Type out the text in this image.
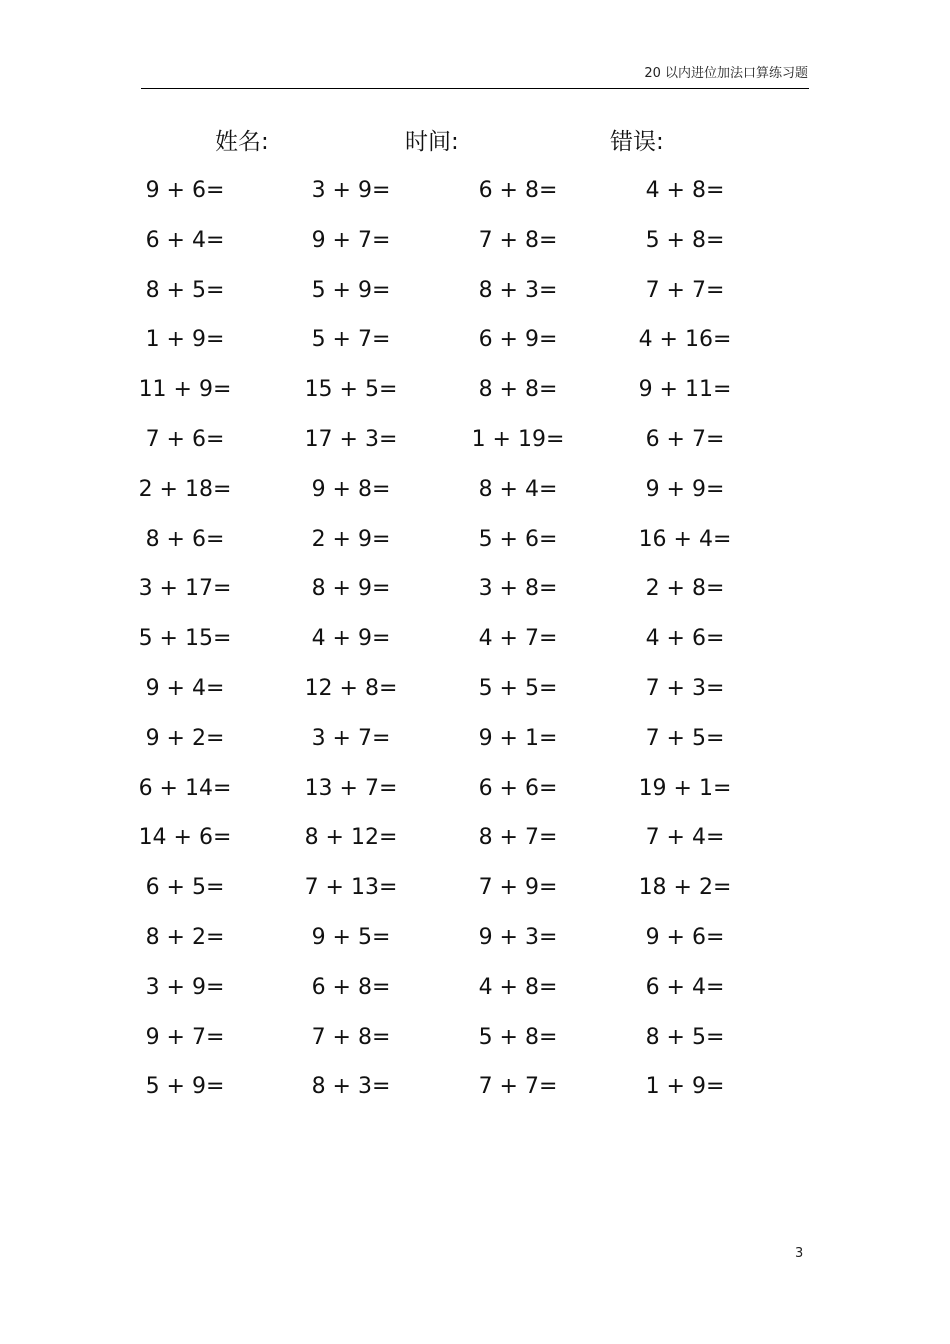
20 以内进位加法口算练习题
姓名:	时间:	错误:
9 + 6=	3 + 9=	6 + 8=	4 + 8=
6 + 4=	9 + 7=	7 + 8=	5 + 8=
8 + 5=	5 + 9=	8 + 3=	7 + 7=
1 + 9=	5 + 7=	6 + 9=	4 + 16=
11 + 9=	15 + 5=	8 + 8=	9 + 11=
7 + 6=	17 + 3=	1 + 19=	6 + 7=
2 + 18=	9 + 8=	8 + 4=	9 + 9=
8 + 6=	2 + 9=	5 + 6=	16 + 4=
3 + 17=	8 + 9=	3 + 8=	2 + 8=
5 + 15=	4 + 9=	4 + 7=	4 + 6=
9 + 4=	12 + 8=	5 + 5=	7 + 3=
9 + 2=	3 + 7=	9 + 1=	7 + 5=
6 + 14=	13 + 7=	6 + 6=	19 + 1=
14 + 6=	8 + 12=	8 + 7=	7 + 4=
6 + 5=	7 + 13=	7 + 9=	18 + 2=
8 + 2=	9 + 5=	9 + 3=	9 + 6=
3 + 9=	6 + 8=	4 + 8=	6 + 4=
9 + 7=	7 + 8=	5 + 8=	8 + 5=
5 + 9=	8 + 3=	7 + 7=	1 + 9=
3
